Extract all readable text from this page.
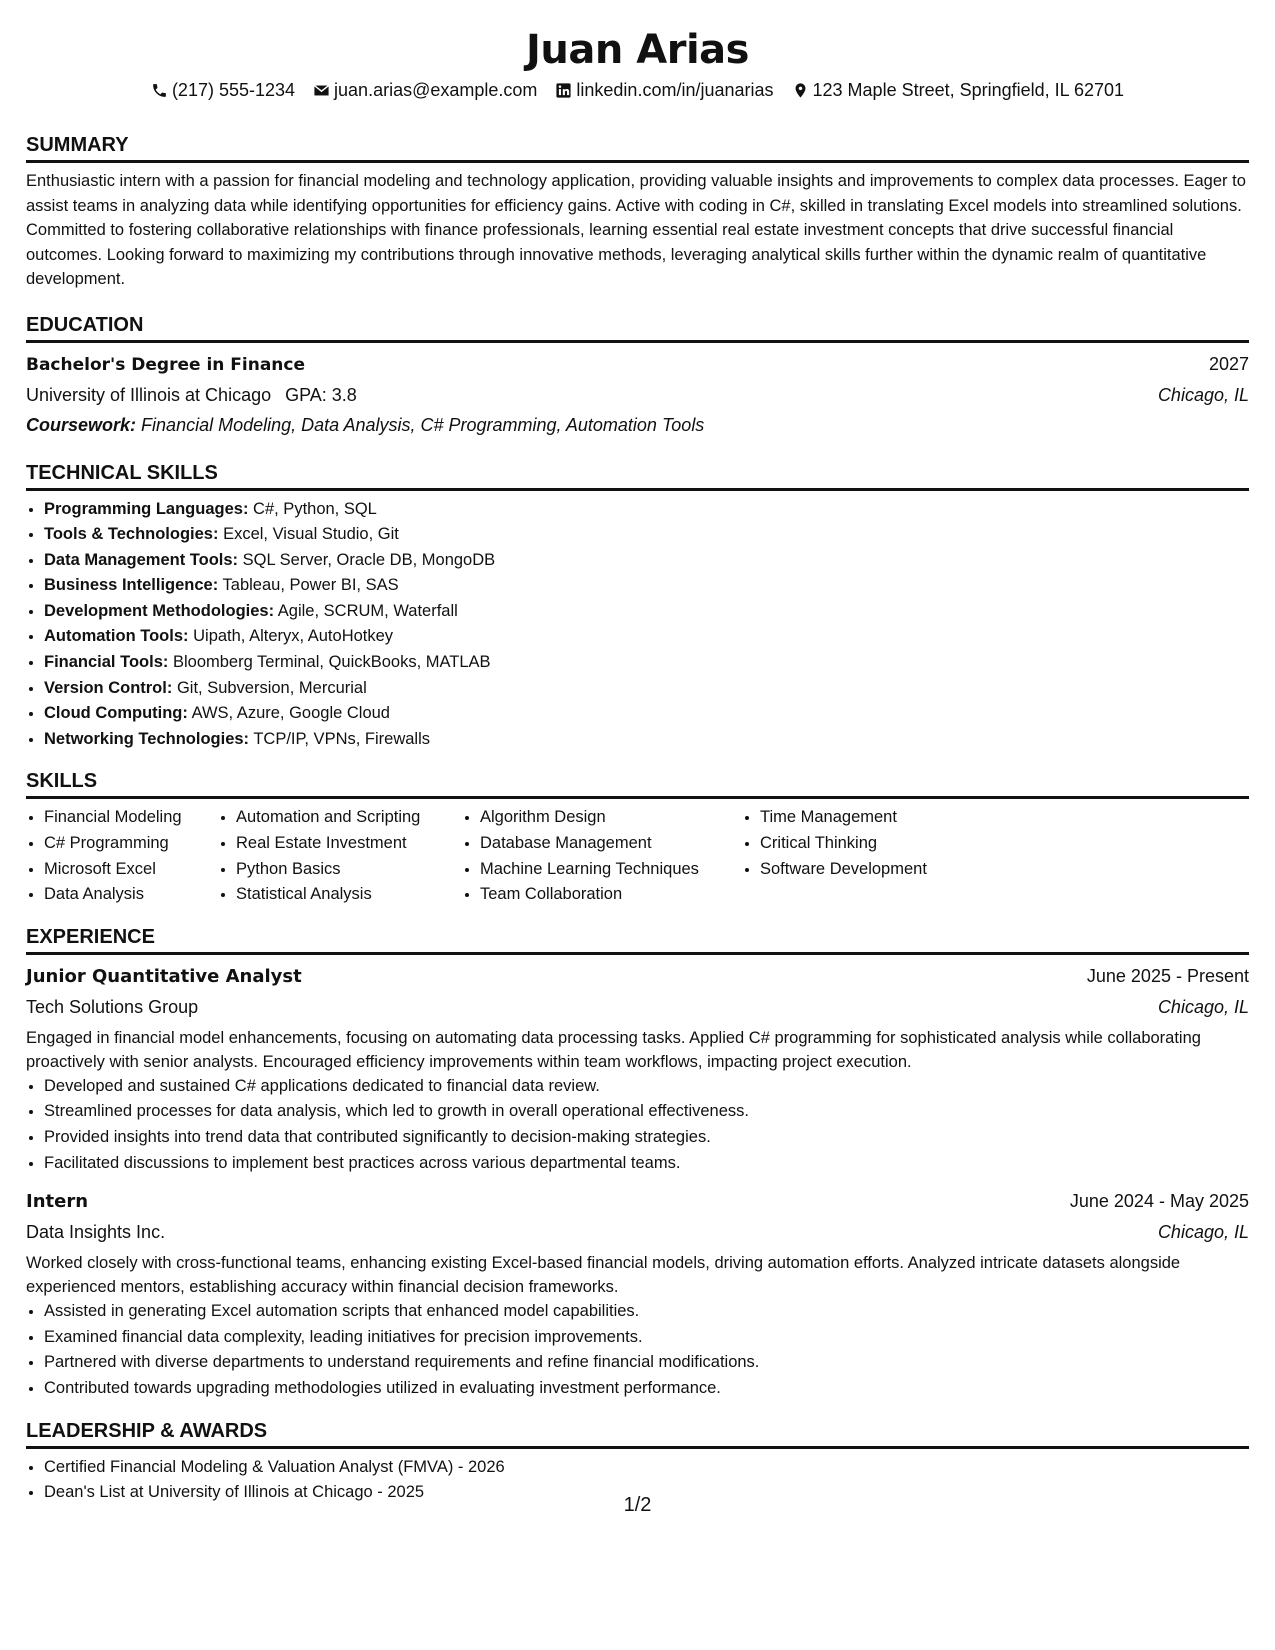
Juan Arias
(217) 555-1234 juan.arias@example.com linkedin.com/in/juanarias 123 Maple Street, Springfield, IL 62701
SUMMARY
Enthusiastic intern with a passion for financial modeling and technology application, providing valuable insights and improvements to complex data processes. Eager to assist teams in analyzing data while identifying opportunities for efficiency gains. Active with coding in C#, skilled in translating Excel models into streamlined solutions. Committed to fostering collaborative relationships with finance professionals, learning essential real estate investment concepts that drive successful financial outcomes. Looking forward to maximizing my contributions through innovative methods, leveraging analytical skills further within the dynamic realm of quantitative development.
EDUCATION
Bachelor's Degree in Finance	2027
University of Illinois at Chicago GPA: 3.8	Chicago, IL
Coursework: Financial Modeling, Data Analysis, C# Programming, Automation Tools
TECHNICAL SKILLS
• Programming Languages: C#, Python, SQL
• Tools & Technologies: Excel, Visual Studio, Git
• Data Management Tools: SQL Server, Oracle DB, MongoDB
• Business Intelligence: Tableau, Power BI, SAS
• Development Methodologies: Agile, SCRUM, Waterfall
• Automation Tools: Uipath, Alteryx, AutoHotkey
• Financial Tools: Bloomberg Terminal, QuickBooks, MATLAB
• Version Control: Git, Subversion, Mercurial
• Cloud Computing: AWS, Azure, Google Cloud
• Networking Technologies: TCP/IP, VPNs, Firewalls
SKILLS
• Financial Modeling
• C# Programming
• Microsoft Excel
• Data Analysis
• Automation and Scripting
• Real Estate Investment
• Python Basics
• Statistical Analysis
• Algorithm Design
• Database Management
• Machine Learning Techniques
• Team Collaboration
• Time Management
• Critical Thinking
• Software Development
EXPERIENCE
Junior Quantitative Analyst	June 2025 - Present
Tech Solutions Group	Chicago, IL
Engaged in financial model enhancements, focusing on automating data processing tasks. Applied C# programming for sophisticated analysis while collaborating proactively with senior analysts. Encouraged efficiency improvements within team workflows, impacting project execution.
• Developed and sustained C# applications dedicated to financial data review.
• Streamlined processes for data analysis, which led to growth in overall operational effectiveness.
• Provided insights into trend data that contributed significantly to decision-making strategies.
• Facilitated discussions to implement best practices across various departmental teams.
Intern	June 2024 - May 2025
Data Insights Inc.	Chicago, IL
Worked closely with cross-functional teams, enhancing existing Excel-based financial models, driving automation efforts. Analyzed intricate datasets alongside experienced mentors, establishing accuracy within financial decision frameworks.
• Assisted in generating Excel automation scripts that enhanced model capabilities.
• Examined financial data complexity, leading initiatives for precision improvements.
• Partnered with diverse departments to understand requirements and refine financial modifications.
• Contributed towards upgrading methodologies utilized in evaluating investment performance.
LEADERSHIP & AWARDS
• Certified Financial Modeling & Valuation Analyst (FMVA) - 2026
• Dean's List at University of Illinois at Chicago - 2025
1/2
